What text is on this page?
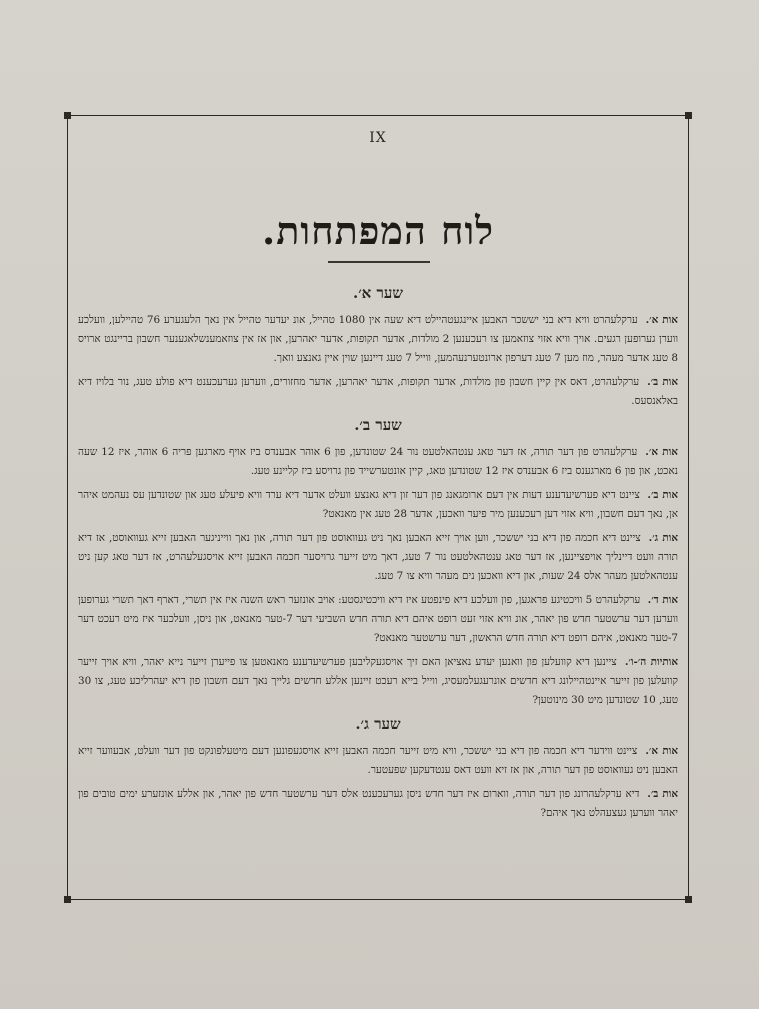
IX
לוח המפתחות.
שער א׳.

אות א׳. ערקלעהרט וויא דיא בני יששכר האבען איינגעטהיילט דיא שעה אין 1080 טהייל, אונ יעדער טהייל אין נאך הלעגערע 76 טהיילען, וועלכע ווערן גערופען רגעים. אויך וויא אזוי צוזאמען צו רעכענען 2 מולדות, אדער תקופות, אדער יאהרען, און אז אין צוזאמענשלאגענער חשבון בריינגט ארויס 8 טעג אדער מעהר, מוז מען 7 טעג דערפון ארונטערנעהמען, ווייל 7 טעג דיינען שוין איין גאנצע וואך.

אות ב׳. ערקלעהרט, דאס אין קיין חשבון פון מולדות, אדער תקופות, אדער יאהרען, אדער מחזורים, ווערען גערעכענט דיא פולע טעג, נור בלויז דיא באלאנסעס.

שער ב׳.

אות א׳. ערקלעהרט פון דער תורה, אז דער טאג ענטהאלטעט נור 24 שטונדען, פון 6 אוהר אבענדס ביז אויף מארגען פריה 6 אוהר, איז 12 שעה נאכט, און פון 6 מארגענס ביז 6 אבענדס איז 12 שטונדען טאג, קיין אונטערשייד פון גרויסע ביז קליינע טעג.

אות ב׳. ציינט דיא פערשיעדענע דעות אין דעם ארומגאנג פון דער זון דיא גאנצע וועלט אדער דיא ערד וויא פיעלע טעג און שטונדען עס נעהמט איהר אן, נאך דעם חשבון, וויא אזוי דען רעכענען מיר פיער וואכען, אדער 28 טעג אין מאנאט?

אות ג׳. ציינט דיא חכמה פון דיא בני יששכר, ווען אויך זייא האבען נאך ניט געוואוסט פון דער תורה, און נאך ווייניגער האבען זייא געוואוסט, אז דיא תורה וועט דיינליך אויפציינען, אז דער טאג ענטהאלטעט נור 7 טעג, דאך מיט זייער גרויסער חכמה האבען זייא אויסגעלעהרט, אז דער טאג קען ניט ענטהאלטען מעהר אלס 24 שעות, און דיא וואכען נים מעהר וויא צו 7 טעג.

אות ד׳. ערקלעהרט 5 וויכטיגע פראגען, פון וועלכע דיא פינפטע איז דיא וויכטיגסטע: אויב אונזער ראש השנה איז אין תשרי, דארף דאך תשרי גערופען ווערען דער ערשטער חדש פון יאהר, אונ וויא אזוי זעט רופט איהם דיא תורה חדש השביעי דער 7-טער מאנאט, און ניסן, וועלכער איז מיט רעכט דער 7-טער מאנאט, איהם רופט דיא תורה חדש הראשון, דער ערשטער מאנאט?

אותיות ה׳-ו׳. ציינען דיא קוועלען פון וואנען יעדע נאציאן האם זיך אויסגעקליבען פערשיעדענע מאנאטען צו פייערן זייער נייא יאהר, וויא אויך זייער קוועלען פון זייער איינטהיילונג דיא חדשים אונרעגעלמעסיג, ווייל בייא רעכט זיינען אללע חדשים גלייך נאך דעם חשבון פון דיא יעהרליכע טעג, צו 30 טעג, 10 שטונדען מיט 30 מינוטען?

שער ג׳.

אות א׳. ציינט ווידער דיא חכמה פון דיא בני יששכר, וויא מיט זייער חכמה האבען זייא אויסגעפונען דעם מיטעלפונקט פון דער וועלט, אבעווער זייא האבען ניט געוואוסט פון דער תורה, און אז זיא וועט דאס ענטדעקען שפעטער.

אות ב׳. דיא ערקלעהרונג פון דער תורה, ווארום איז דער חדש ניסן גערעכענט אלס דער ערשטער חדש פון יאהר, און אללע אונזערע ימים טובים פון יאהר ווערען געצעהלט נאך איהם?
